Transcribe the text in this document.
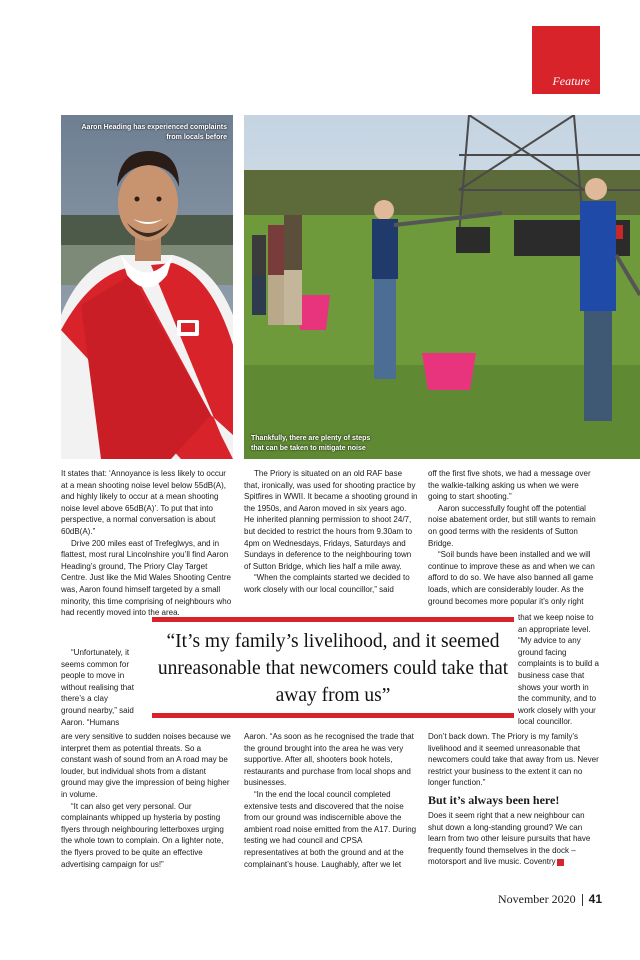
Feature
Aaron Heading has experienced complaints from locals before
Thankfully, there are plenty of steps that can be taken to mitigate noise

It states that: ‘Annoyance is less likely to occur at a mean shooting noise level below 55dB(A), and highly likely to occur at a mean shooting noise level above 65dB(A)’. To put that into perspective, a normal conversation is about 60dB(A).”

Drive 200 miles east of Trefeglwys, and in flattest, most rural Lincolnshire you’ll find Aaron Heading’s ground, The Priory Clay Target Centre. Just like the Mid Wales Shooting Centre was, Aaron found himself targeted by a small minority, this time comprising of neighbours who had recently moved into the area.

“Unfortunately, it seems common for people to move in without realising that there’s a clay ground nearby,” said Aaron. “Humans

are very sensitive to sudden noises because we interpret them as potential threats. So a constant wash of sound from an A road may be louder, but individual shots from a distant ground may give the impression of being higher in volume.

“It can also get very personal. Our complainants whipped up hysteria by posting flyers through neighbouring letterboxes urging the whole town to complain. On a lighter note, the flyers proved to be quite an effective advertising campaign for us!”

The Priory is situated on an old RAF base that, ironically, was used for shooting practice by Spitfires in WWII. It became a shooting ground in the 1950s, and Aaron moved in six years ago. He inherited planning permission to shoot 24/7, but decided to restrict the hours from 9.30am to 4pm on Wednesdays, Fridays, Saturdays and Sundays in deference to the neighbouring town of Sutton Bridge, which lies half a mile away.

“When the complaints started we decided to work closely with our local councillor,” said

Aaron. “As soon as he recognised the trade that the ground brought into the area he was very supportive. After all, shooters book hotels, restaurants and purchase from local shops and businesses.

“In the end the local council completed extensive tests and discovered that the noise from our ground was indiscernible above the ambient road noise emitted from the A17. During testing we had council and CPSA representatives at both the ground and at the complainant’s house. Laughably, after we let

off the first five shots, we had a message over the walkie-talking asking us when we were going to start shooting.”

Aaron successfully fought off the potential noise abatement order, but still wants to remain on good terms with the residents of Sutton Bridge.

“Soil bunds have been installed and we will continue to improve these as and when we can afford to do so. We have also banned all game loads, which are considerably louder. As the ground becomes more popular it’s only right

that we keep noise to an appropriate level. “My advice to any ground facing complaints is to build a business case that shows your worth in the community, and to work closely with your local councillor.

Don’t back down. The Priory is my family’s livelihood and it seemed unreasonable that newcomers could take that away from us. Never restrict your business to the extent it can no longer function.”

But it’s always been here!

Does it seem right that a new neighbour can shut down a long-standing ground? We can learn from two other leisure pursuits that have frequently found themselves in the dock – motorsport and live music. Coventry

“It’s my family’s livelihood, and it seemed unreasonable that newcomers could take that away from us”
November 2020 41
